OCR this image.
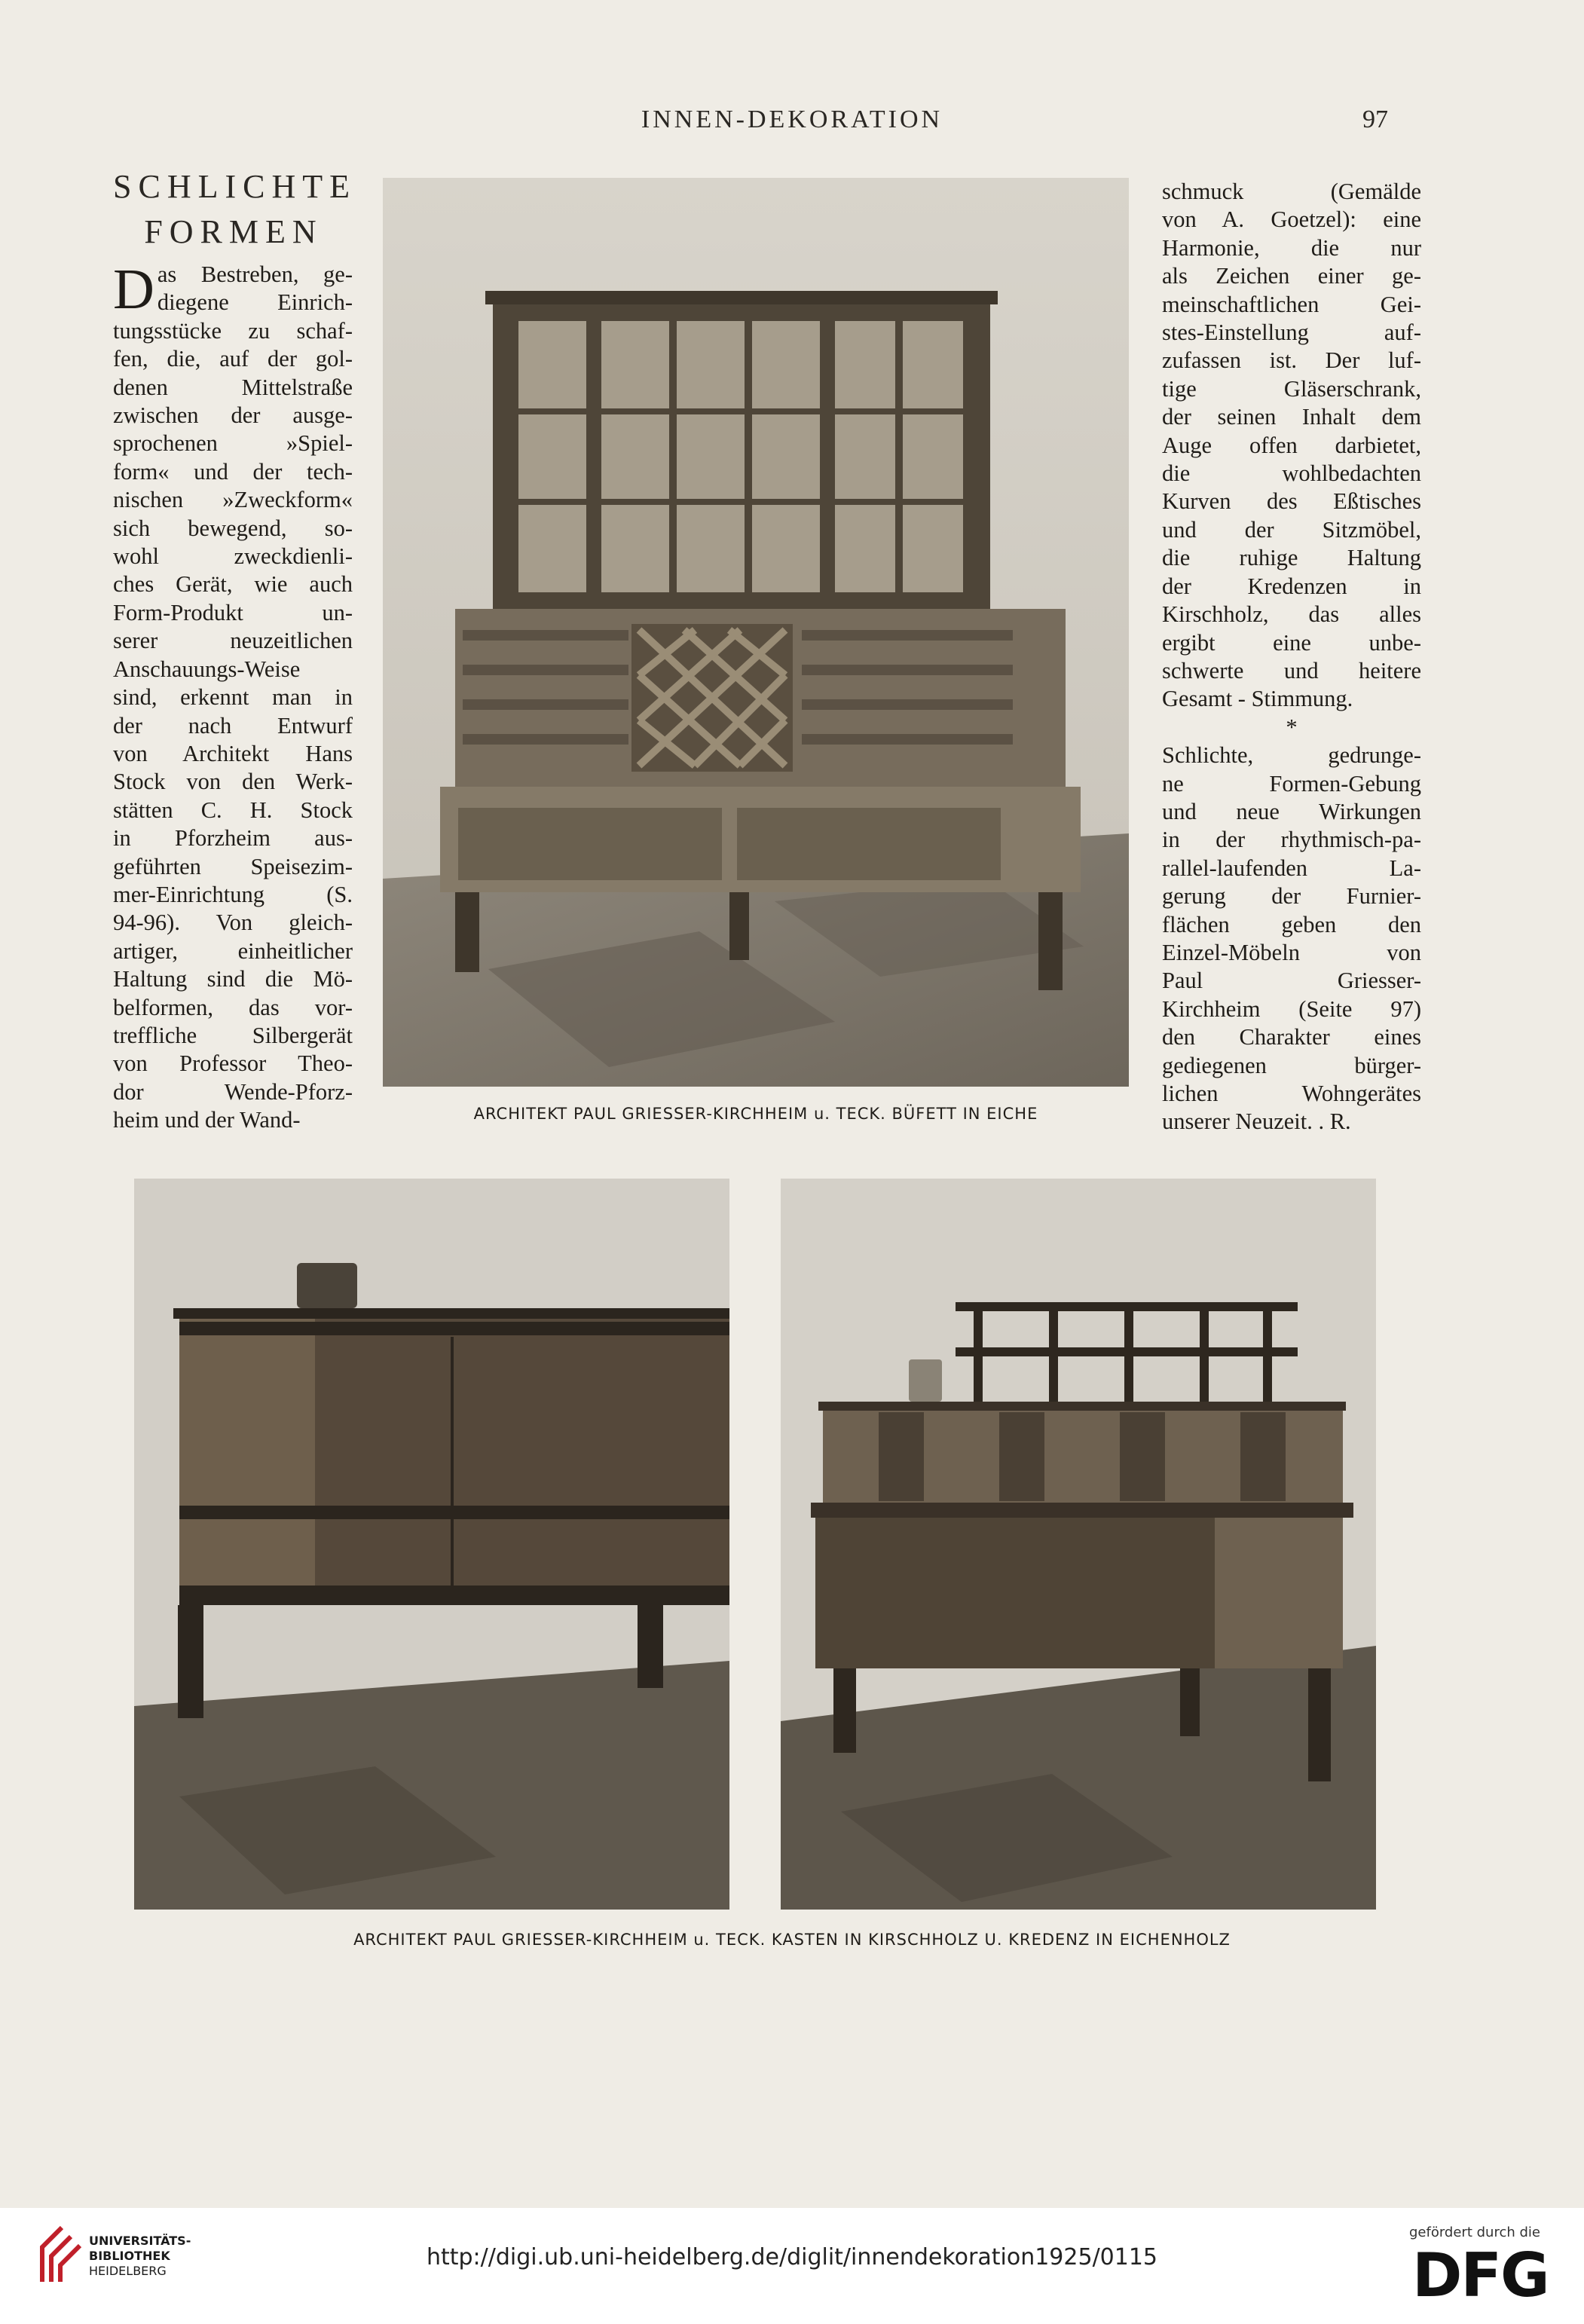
INNEN-DEKORATION	97
SCHLICHTE
FORMEN
D as Bestreben, ge-
diegene Einrich-
tungsstücke zu schaf-
fen, die, auf der gol-
denen Mittelstraße
zwischen der ausge-
sprochenen »Spiel-
form« und der tech-
nischen »Zweckform«
sich bewegend, so-
wohl zweckdienli-
ches Gerät, wie auch
Form-Produkt un-
serer neuzeitlichen
Anschauungs-Weise
sind, erkennt man in
der nach Entwurf
von Architekt Hans
Stock von den Werk-
stätten C. H. Stock
in Pforzheim aus-
geführten Speisezim-
mer-Einrichtung (S.
94-96). Von gleich-
artiger, einheitlicher
Haltung sind die Mö-
belformen, das vor-
treffliche Silbergerät
von Professor Theo-
dor Wende-Pforz-
heim und der Wand-
schmuck (Gemälde
von A. Goetzel): eine
Harmonie, die nur
als Zeichen einer ge-
meinschaftlichen Gei-
stes-Einstellung auf-
zufassen ist. Der luf-
tige Gläserschrank,
der seinen Inhalt dem
Auge offen darbietet,
die wohlbedachten
Kurven des Eßtisches
und der Sitzmöbel,
die ruhige Haltung
der Kredenzen in
Kirschholz, das alles
ergibt eine unbe-
schwerte und heitere
Gesamt - Stimmung.
*
Schlichte, gedrunge-
ne Formen-Gebung
und neue Wirkungen
in der rhythmisch-pa-
rallel-laufenden La-
gerung der Furnier-
flächen geben den
Einzel-Möbeln von
Paul Griesser-
Kirchheim (Seite 97)
den Charakter eines
gediegenen bürger-
lichen Wohngerätes
unserer Neuzeit. . R.
ARCHITEKT PAUL GRIESSER-KIRCHHEIM u. TECK. BÜFETT IN EICHE
ARCHITEKT PAUL GRIESSER-KIRCHHEIM u. TECK. KASTEN IN KIRSCHHOLZ U. KREDENZ IN EICHENHOLZ
UNIVERSITÄTS-
BIBLIOTHEK
HEIDELBERG
http://digi.ub.uni-heidelberg.de/diglit/innendekoration1925/0115
gefördert durch die
DFG
